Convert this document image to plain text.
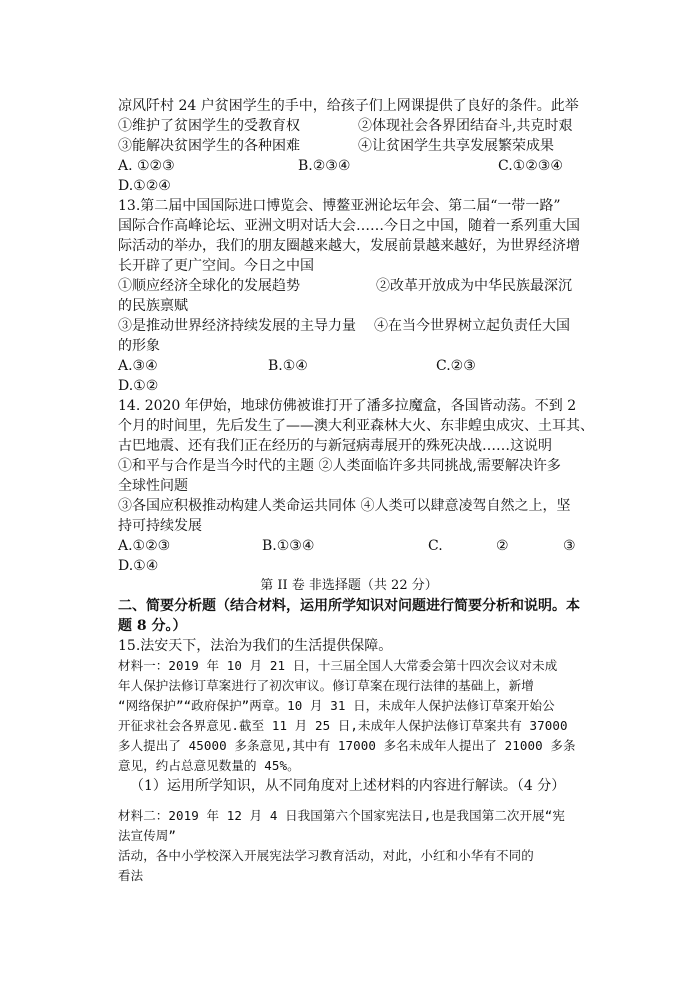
凉风阡村 24 户贫困学生的手中，给孩子们上网课提供了良好的条件。此举
①维护了贫困学生的受教育权	②体现社会各界团结奋斗,共克时艰
③能解决贫困学生的各种困难	④让贫困学生共享发展繁荣成果
A. ①②③	B.②③④	C.①②③④
D.①②④
13.第二届中国国际进口博览会、博鳌亚洲论坛年会、第二届“一带一路”
国际合作高峰论坛、亚洲文明对话大会……今日之中国，随着一系列重大国
际活动的举办，我们的朋友圈越来越大，发展前景越来越好，为世界经济增
长开辟了更广空间。今日之中国
①顺应经济全球化的发展趋势	②改革开放成为中华民族最深沉
的民族禀赋
③是推动世界经济持续发展的主导力量 ④在当今世界树立起负责任大国
的形象
A.③④	B.①④	C.②③
D.①②
14. 2020 年伊始，地球仿佛被谁打开了潘多拉魔盒，各国皆动荡。不到 2
个月的时间里，先后发生了——澳大利亚森林大火、东非蝗虫成灾、土耳其、
古巴地震、还有我们正在经历的与新冠病毒展开的殊死决战……这说明
①和平与合作是当今时代的主题 ②人类面临许多共同挑战,需要解决许多
全球性问题
③各国应积极推动构建人类命运共同体 ④人类可以肆意凌驾自然之上，坚
持可持续发展
A.①②③	B.①③④	C.	②	③
D.①④
第 II 卷 非选择题（共 22 分）
二、简要分析题（结合材料，运用所学知识对问题进行简要分析和说明。本
题 8 分。）
15.法安天下，法治为我们的生活提供保障。
材料一：2019 年 10 月 21 日，十三届全国人大常委会第十四次会议对未成
年人保护法修订草案进行了初次审议。修订草案在现行法律的基础上，新增
“网络保护”“政府保护”两章。10 月 31 日，未成年人保护法修订草案开始公
开征求社会各界意见.截至 11 月 25 日,未成年人保护法修订草案共有 37000
多人提出了 45000 多条意见,其中有 17000 多名未成年人提出了 21000 多条
意见，约占总意见数量的 45%。
（1）运用所学知识，从不同角度对上述材料的内容进行解读。（4 分）
材料二：2019 年 12 月 4 日我国第六个国家宪法日,也是我国第二次开展“宪
法宣传周”
活动，各中小学校深入开展宪法学习教育活动，对此，小红和小华有不同的
看法
